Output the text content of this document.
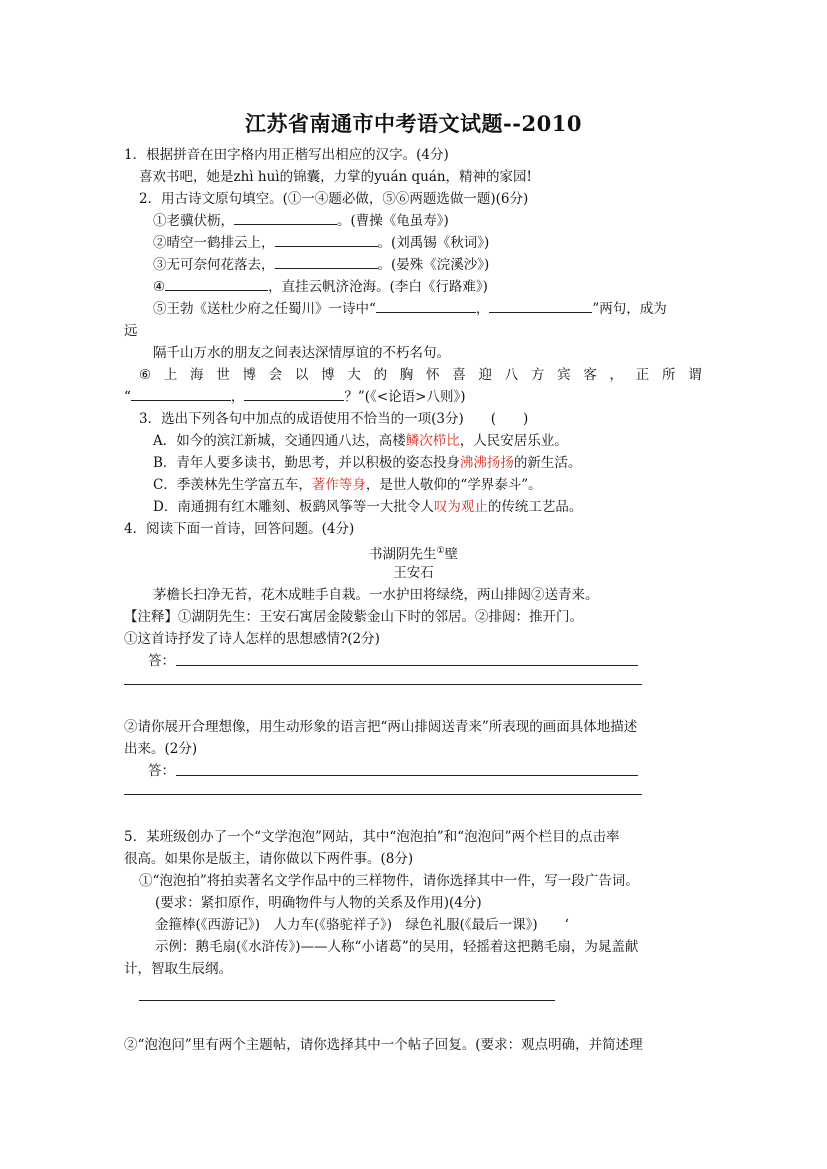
江苏省南通市中考语文试题--2010
1．根据拼音在田字格内用正楷写出相应的汉字。(4分)
喜欢书吧，她是zhì huì的锦囊，力掌的yuán quán，精神的家园!
2．用古诗文原句填空。(①一④题必做，⑤⑥两题选做一题)(6分)
①老骥伏枥，	。(曹操《龟虽寿》)
②晴空一鹤排云上，	。(刘禹锡《秋词》)
③无可奈何花落去，	。(晏殊《浣溪沙》)
④	，直挂云帆济沧海。(李白《行路难》)
⑤王勃《送杜少府之任蜀川》一诗中“	，	”两句，成为
远
隔千山万水的朋友之间表达深情厚谊的不朽名句。
⑥ 上 海 世 博 会 以 博 大 的 胸 怀 喜 迎 八 方 宾 客 ， 正 所 谓
“	，	？”(《<论语>八则》)
3．选出下列各句中加点的成语使用不恰当的一项(3分)　　(　　)
A．如今的滨江新城，交通四通八达，高楼鳞次栉比，人民安居乐业。
B．青年人要多读书，勤思考，并以积极的姿态投身沸沸扬扬的新生活。
C．季羡林先生学富五车，著作等身，是世人敬仰的“学界泰斗”。
D．南通拥有红木雕刻、板鹞风筝等一大批令人叹为观止的传统工艺品。
4．阅读下面一首诗，回答问题。(4分)
书湖阴先生①壁
王安石
茅檐长扫净无苔，花木成畦手自栽。一水护田将绿绕，两山排闼②送青来。
【注释】①湖阴先生：王安石寓居金陵紫金山下时的邻居。②排闼：推开门。
①这首诗抒发了诗人怎样的思想感情?(2分)
答：
②请你展开合理想像，用生动形象的语言把“两山排闼送青来”所表现的画面具体地描述
出来。(2分)
答：
5．某班级创办了一个“文学泡泡”网站，其中“泡泡拍”和“泡泡问”两个栏目的点击率
很高。如果你是版主，请你做以下两件事。(8分)
①“泡泡拍”将拍卖著名文学作品中的三样物件，请你选择其中一件，写一段广告词。
(要求：紧扣原作，明确物件与人物的关系及作用)(4分)
金箍棒(《西游记》)　人力车(《骆驼祥子》)　绿色礼服(《最后一课》)　　‘
示例：鹅毛扇(《水浒传》)——人称“小诸葛”的吴用，轻摇着这把鹅毛扇，为晁盖献
计，智取生辰纲。
②“泡泡问”里有两个主题帖，请你选择其中一个帖子回复。(要求：观点明确，并简述理
